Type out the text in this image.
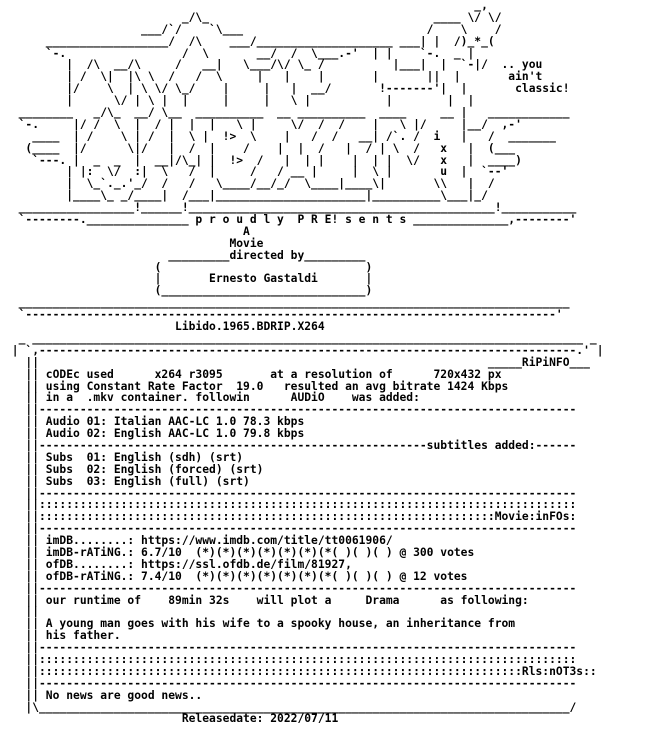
_,
_/\_                                 ____ \/ \/
___/`/    `\___                           /    \    /
__________________/  /\    ___/____________________ ___| |  /)_*_(
`-.                 /  \       __/  /  \___.-'  | |    `-.  _ |
|  /\  __/\     /   __|   \___/\/ \_ /          |___|  |  `-|/  .. you
| /  \|  |\ \  /   /  \     |   |    |       |       ||  |       ain't
|/    \  | \ \/ \_/    |     |   |  __/       !-------'|  |       classic!
|      \/ | \ |  |     |     |   \ |           |        |  |
________   _/\_  __/ \__  __________  __ __________  ____     __ |   ____________
`-.     |/ /  \  |  / |  |  |   \ |     \/  /  /    |   \ |/     |__/  ,-'
____  | /    \ | /  |  \ |  !>  \    |   /  /   __| /`. /  i   |   /  _______
(____  |/      \|/   |  /  |    /    |  |  /   |  / | \  /   x   |  (___
`---. |  _  _  |  __|/\_| |  !>  /   |  | |    |  | |  \/   x   |  ____)
| |:  \/  :|  \   /  |     /   / __ |     |  \ |       u  |  `--'
|  \_`._.'_/  /   /   \____/__/_/  \____|____\|       \\   |  /
|____\_ _/____|  /___|______________________|__________\___|_/
_________________!______!_____________________________________________!___________
`--------._______________ p r o u d l y  P R E! s e n t s ______________,--------'
A
Movie
_________directed by_________
(                              )
|       Ernesto Gastaldi       |
(______________________________)
_________________________________________________________________________________
`------------------------------------------------------------------------------'
Libido.1965.BDRIP.X264
_ _________________________________________________________________________________ _
| `,-------------------------------------------------------------------------------.' |
||                                                                  _____RiPiNFO___
|| cODEc used      x264 r3095       at a resolution of      720x432 px
|| using Constant Rate Factor  19.0   resulted an avg bitrate 1424 Kbps
|| in a  .mkv container. followin      AUDiO    was added:
||-------------------------------------------------------------------------------
|| Audio 01: Italian AAC-LC 1.0 78.3 kbps
|| Audio 02: English AAC-LC 1.0 79.8 kbps
||---------------------------------------------------------subtitles added:------
|| Subs  01: English (sdh) (srt)
|| Subs  02: English (forced) (srt)
|| Subs  03: English (full) (srt)
||-------------------------------------------------------------------------------
||:::::::::::::::::::::::::::::::::::::::::::::::::::::::::::::::::::::::::::::::
||:::::::::::::::::::::::::::::::::::::::::::::::::::::::::::::::::::Movie:inFOs:
||-------------------------------------------------------------------------------
|| imDB........: https://www.imdb.com/title/tt0061906/
|| imDB-rATiNG.: 6.7/10  (*)(*)(*)(*)(*)(*)(*( )( )( ) @ 300 votes
|| ofDB........: https://ssl.ofdb.de/film/81927,
|| ofDB-rATiNG.: 7.4/10  (*)(*)(*)(*)(*)(*)(*( )( )( ) @ 12 votes
||-------------------------------------------------------------------------------
|| our runtime of    89min 32s    will plot a     Drama      as following:
||
|| A young man goes with his wife to a spooky house, an inheritance from
|| his father.
||-------------------------------------------------------------------------------
||:::::::::::::::::::::::::::::::::::::::::::::::::::::::::::::::::::::::::::::::
||:::::::::::::::::::::::::::::::::::::::::::::::::::::::::::::::::::::::Rls:nOT3s::
||-------------------------------------------------------------------------------
|| No news are good news..
|\______________________________________________________________________________/
Releasedate: 2022/07/11
